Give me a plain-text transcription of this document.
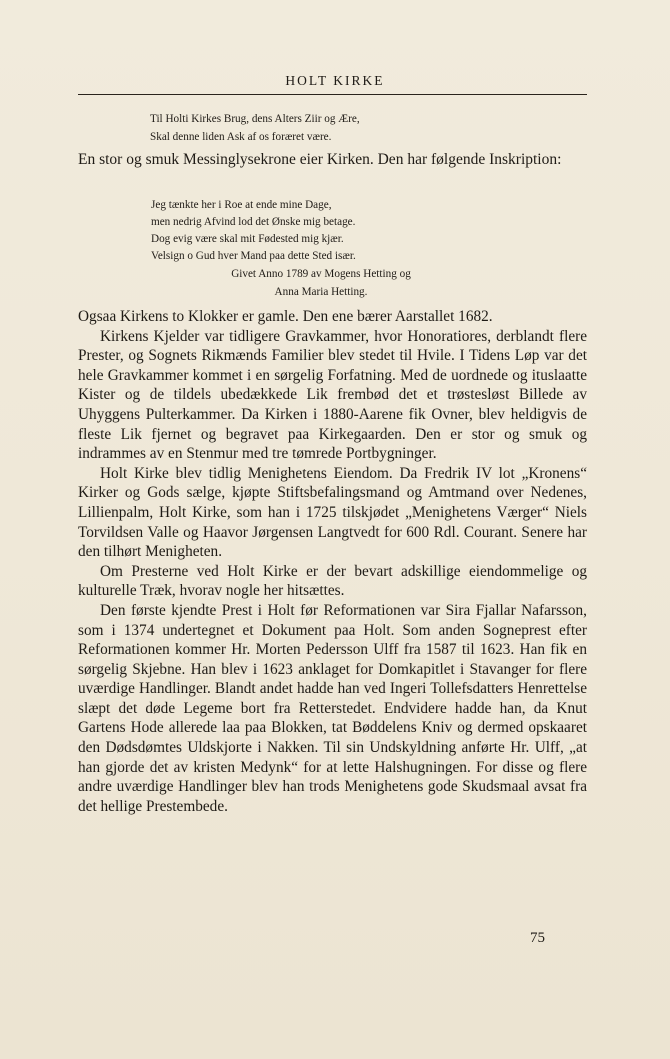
HOLT KIRKE

Til Holti Kirkes Brug, dens Alters Ziir og Ære,

Skal denne liden Ask af os foræret være.

En stor og smuk Messinglysekrone eier Kirken. Den har følgende Inskription:

Jeg tænkte her i Roe at ende mine Dage,

men nedrig Afvind lod det Ønske mig betage.

Dog evig være skal mit Fødested mig kjær.

Velsign o Gud hver Mand paa dette Sted især.

Givet Anno 1789 av Mogens Hetting og

Anna Maria Hetting.

Ogsaa Kirkens to Klokker er gamle. Den ene bærer Aarstallet 1682.

Kirkens Kjelder var tidligere Gravkammer, hvor Honoratiores, derblandt flere Prester, og Sognets Rikmænds Familier blev stedet til Hvile. I Tidens Løp var det hele Gravkammer kommet i en sørgelig Forfatning. Med de uordnede og ituslaatte Kister og de tildels ubedækkede Lik frembød det et trøstesløst Billede av Uhyggens Pulterkammer. Da Kirken i 1880-Aarene fik Ovner, blev heldigvis de fleste Lik fjernet og begravet paa Kirkegaarden. Den er stor og smuk og indrammes av en Stenmur med tre tømrede Portbygninger.

Holt Kirke blev tidlig Menighetens Eiendom. Da Fredrik IV lot „Kronens“ Kirker og Gods sælge, kjøpte Stiftsbefalingsmand og Amtmand over Nedenes, Lillienpalm, Holt Kirke, som han i 1725 tilskjødet „Menighetens Værger“ Niels Torvildsen Valle og Haavor Jørgensen Langtvedt for 600 Rdl. Courant. Senere har den tilhørt Menigheten.

Om Presterne ved Holt Kirke er der bevart adskillige eiendommelige og kulturelle Træk, hvorav nogle her hitsættes.

Den første kjendte Prest i Holt før Reformationen var Sira Fjallar Nafarsson, som i 1374 undertegnet et Dokument paa Holt. Som anden Sogneprest efter Reformationen kommer Hr. Morten Pedersson Ulff fra 1587 til 1623. Han fik en sørgelig Skjebne. Han blev i 1623 anklaget for Domkapitlet i Stavanger for flere uværdige Handlinger. Blandt andet hadde han ved Ingeri Tollefsdatters Henrettelse slæpt det døde Legeme bort fra Retterstedet. Endvidere hadde han, da Knut Gartens Hode allerede laa paa Blokken, tat Bøddelens Kniv og dermed opskaaret den Dødsdømtes Uldskjorte i Nakken. Til sin Undskyldning anførte Hr. Ulff, „at han gjorde det av kristen Medynk“ for at lette Halshugningen. For disse og flere andre uværdige Handlinger blev han trods Menighetens gode Skudsmaal avsat fra det hellige Prestembede.

75
